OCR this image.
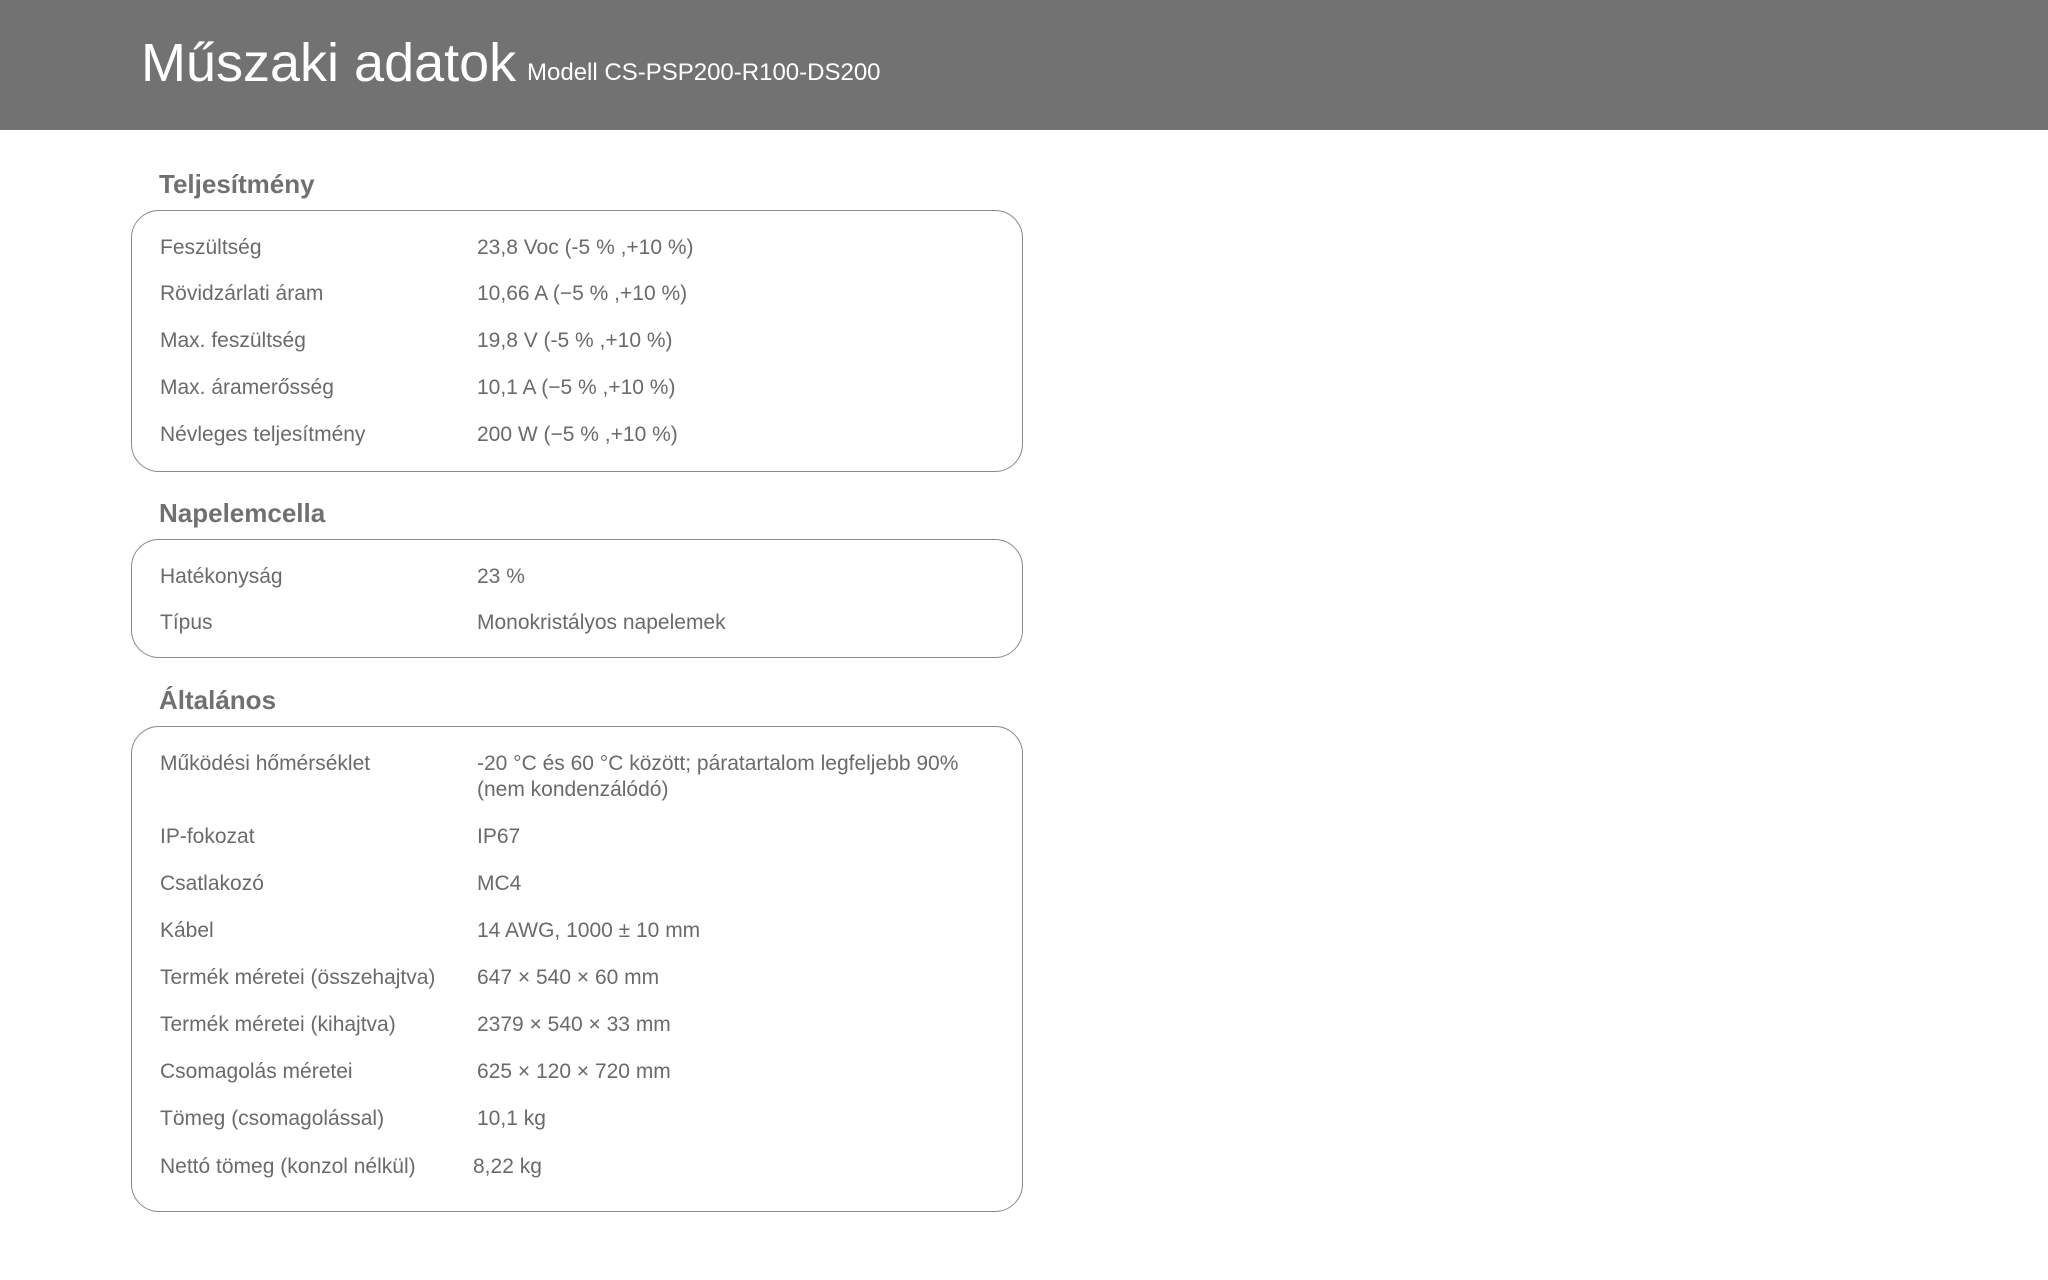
Műszaki adatok Modell CS-PSP200-R100-DS200
Teljesítmény
Feszültség	23,8 Voc (-5 % ,+10 %)
Rövidzárlati áram	10,66 A (−5 % ,+10 %)
Max. feszültség	19,8 V (-5 % ,+10 %)
Max. áramerősség	10,1 A (−5 % ,+10 %)
Névleges teljesítmény	200 W (−5 % ,+10 %)
Napelemcella
Hatékonyság	23 %
Típus	Monokristályos napelemek
Általános
Működési hőmérséklet	-20 °C és 60 °C között; páratartalom legfeljebb 90% (nem kondenzálódó)
IP-fokozat	IP67
Csatlakozó	MC4
Kábel	14 AWG, 1000 ± 10 mm
Termék méretei (összehajtva) 647 × 540 × 60 mm
Termék méretei (kihajtva)	2379 × 540 × 33 mm
Csomagolás méretei	625 × 120 × 720 mm
Tömeg (csomagolással)	10,1 kg
Nettó tömeg (konzol nélkül)	8,22 kg
